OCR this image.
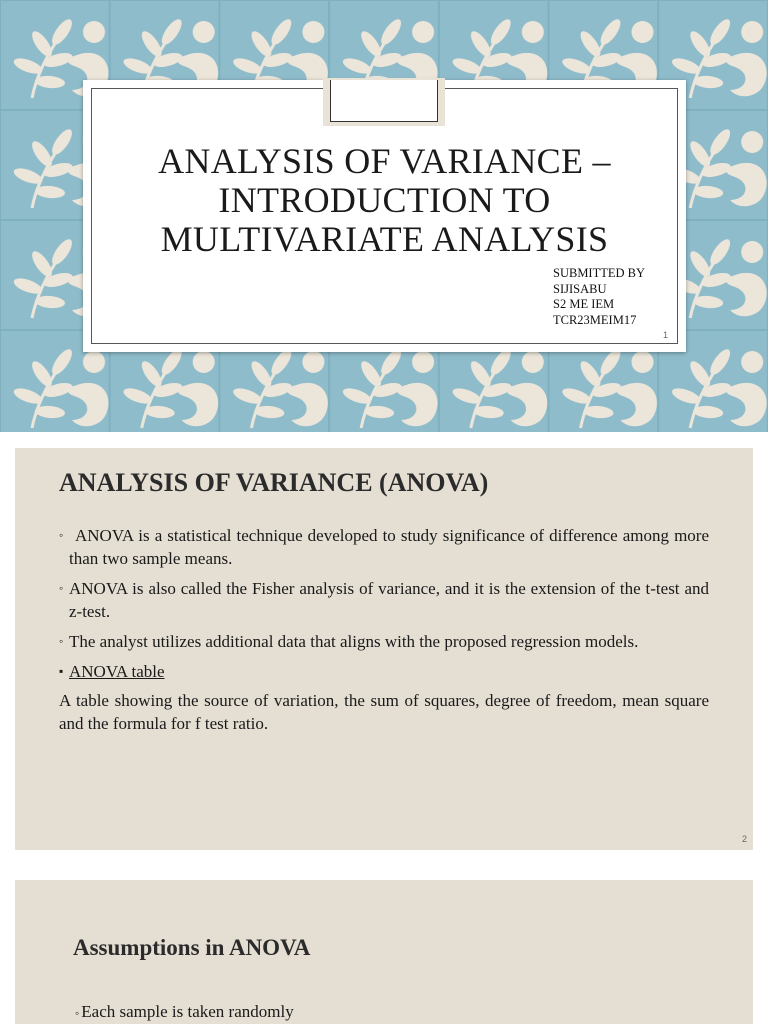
ANALYSIS OF VARIANCE –INTRODUCTION TO MULTIVARIATE ANALYSIS
SUBMITTED BY
SIJISABU
S2 ME IEM
TCR23MEIM17
1
ANALYSIS OF VARIANCE (ANOVA)
◦ ANOVA is a statistical technique developed to study significance of difference among more than two sample means.
◦ ANOVA is also called the Fisher analysis of variance, and it is the extension of the t-test and z-test.
◦ The analyst utilizes additional data that aligns with the proposed regression models.
▪ ANOVA table
A table showing the source of variation, the sum of squares, degree of freedom, mean square and the formula for f test ratio.
2
Assumptions in ANOVA
◦ Each sample is taken randomly
